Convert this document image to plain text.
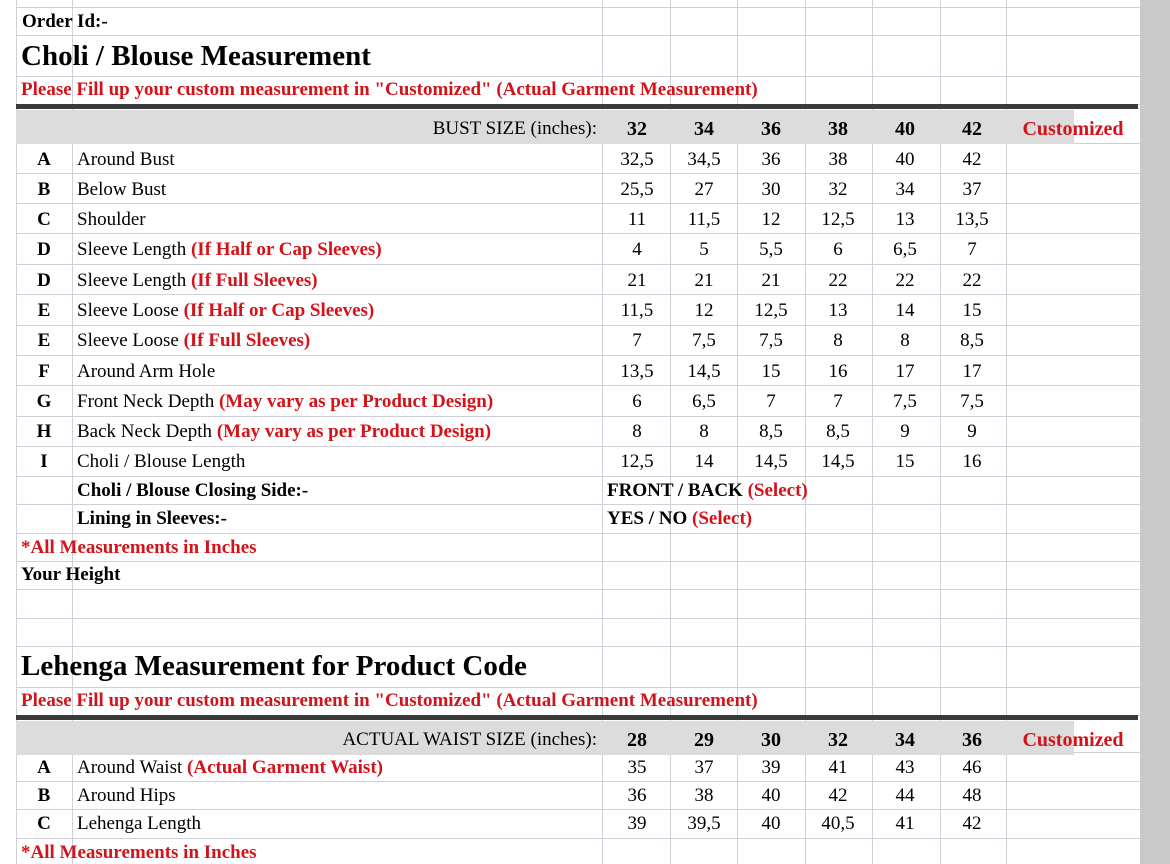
Order Id:-
Choli / Blouse Measurement
Please Fill up your custom measurement in "Customized" (Actual Garment Measurement)
BUST SIZE (inches):	32	34	36	38	40	42	Customized
A	Around Bust	32,5	34,5	36	38	40	42
B	Below Bust	25,5	27	30	32	34	37
C	Shoulder	11	11,5	12	12,5	13	13,5
D	Sleeve Length (If Half or Cap Sleeves)	4	5	5,5	6	6,5	7
D	Sleeve Length (If Full Sleeves)	21	21	21	22	22	22
E	Sleeve Loose (If Half or Cap Sleeves)	11,5	12	12,5	13	14	15
E	Sleeve Loose (If Full Sleeves)	7	7,5	7,5	8	8	8,5
F	Around Arm Hole	13,5	14,5	15	16	17	17
G	Front Neck Depth (May vary as per Product Design)	6	6,5	7	7	7,5	7,5
H	Back Neck Depth (May vary as per Product Design)	8	8	8,5	8,5	9	9
I	Choli / Blouse Length	12,5	14	14,5	14,5	15	16
Choli / Blouse Closing Side:-	FRONT / BACK (Select)
Lining in Sleeves:-	YES / NO (Select)
*All Measurements in Inches
Your Height
Lehenga Measurement for Product Code
Please Fill up your custom measurement in "Customized" (Actual Garment Measurement)
ACTUAL WAIST SIZE (inches):	28	29	30	32	34	36	Customized
A	Around Waist (Actual Garment Waist)	35	37	39	41	43	46
B	Around Hips	36	38	40	42	44	48
C	Lehenga Length	39	39,5	40	40,5	41	42
*All Measurements in Inches
